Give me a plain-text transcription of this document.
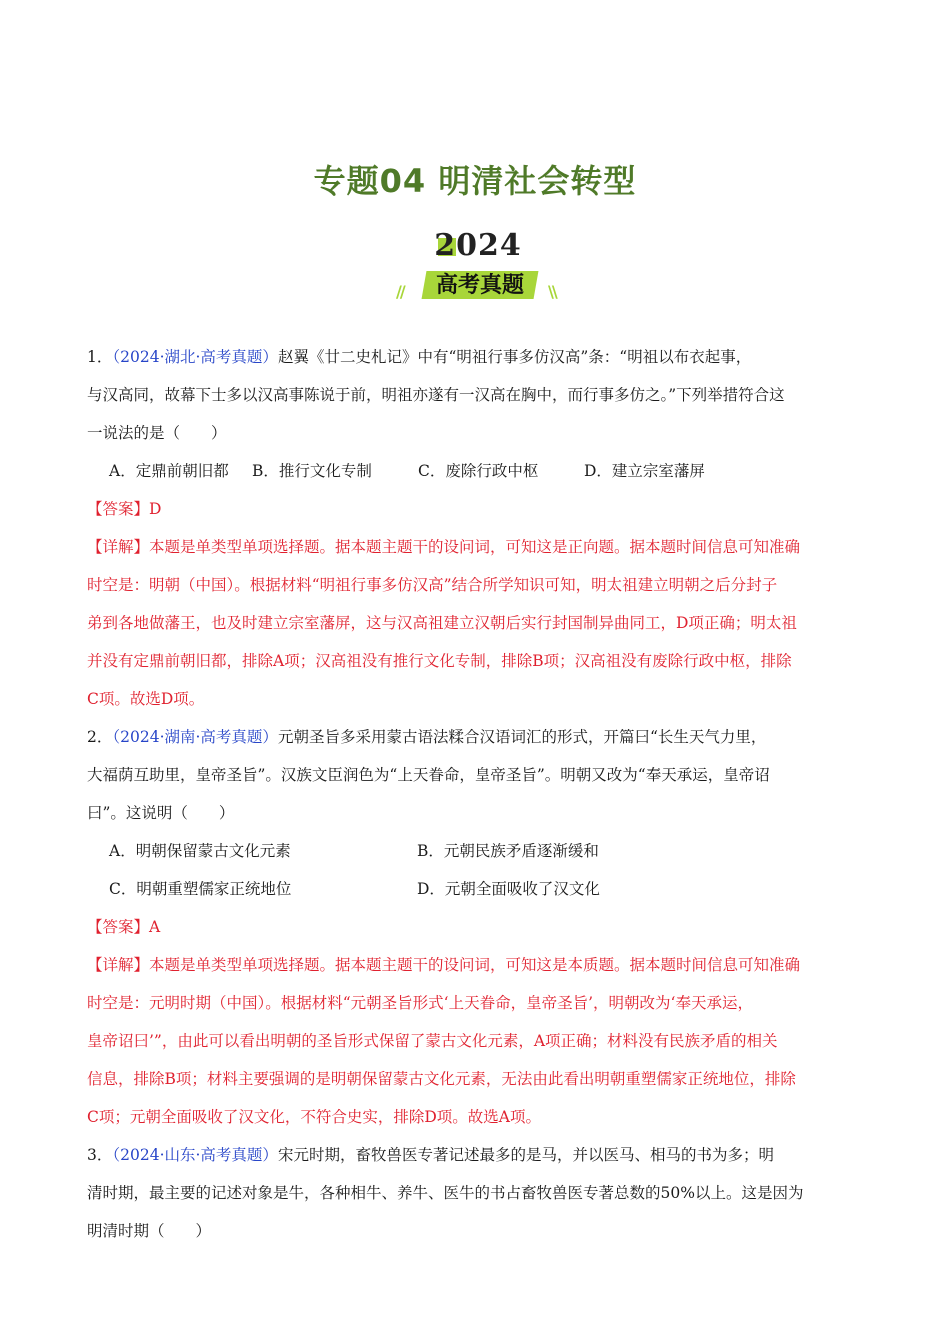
专题04 明清社会转型
2024
//	\\
高考真题
1．（2024·湖北·高考真题）赵翼《廿二史札记》中有“明祖行事多仿汉高”条：“明祖以布衣起事，
与汉高同，故幕下士多以汉高事陈说于前，明祖亦遂有一汉高在胸中，而行事多仿之。”下列举措符合这
一说法的是（　　）
A．定鼎前朝旧都 B．推行文化专制	C．废除行政中枢	D．建立宗室藩屏
【答案】D
【详解】本题是单类型单项选择题。据本题主题干的设问词，可知这是正向题。据本题时间信息可知准确
时空是：明朝（中国）。根据材料“明祖行事多仿汉高”结合所学知识可知，明太祖建立明朝之后分封子
弟到各地做藩王，也及时建立宗室藩屏，这与汉高祖建立汉朝后实行封国制异曲同工，D项正确；明太祖
并没有定鼎前朝旧都，排除A项；汉高祖没有推行文化专制，排除B项；汉高祖没有废除行政中枢，排除
C项。故选D项。
2．（2024·湖南·高考真题）元朝圣旨多采用蒙古语法糅合汉语词汇的形式，开篇曰“长生天气力里，
大福荫互助里，皇帝圣旨”。汉族文臣润色为“上天眷命，皇帝圣旨”。明朝又改为“奉天承运，皇帝诏
曰”。这说明（　　）
A．明朝保留蒙古文化元素	B．元朝民族矛盾逐渐缓和
C．明朝重塑儒家正统地位	D．元朝全面吸收了汉文化
【答案】A
【详解】本题是单类型单项选择题。据本题主题干的设问词，可知这是本质题。据本题时间信息可知准确
时空是：元明时期（中国）。根据材料“元朝圣旨形式‘上天眷命，皇帝圣旨’，明朝改为‘奉天承运，
皇帝诏曰’”，由此可以看出明朝的圣旨形式保留了蒙古文化元素，A项正确；材料没有民族矛盾的相关
信息，排除B项；材料主要强调的是明朝保留蒙古文化元素，无法由此看出明朝重塑儒家正统地位，排除
C项；元朝全面吸收了汉文化，不符合史实，排除D项。故选A项。
3．（2024·山东·高考真题）宋元时期，畜牧兽医专著记述最多的是马，并以医马、相马的书为多；明
清时期，最主要的记述对象是牛，各种相牛、养牛、医牛的书占畜牧兽医专著总数的50%以上。这是因为
明清时期（　　）
